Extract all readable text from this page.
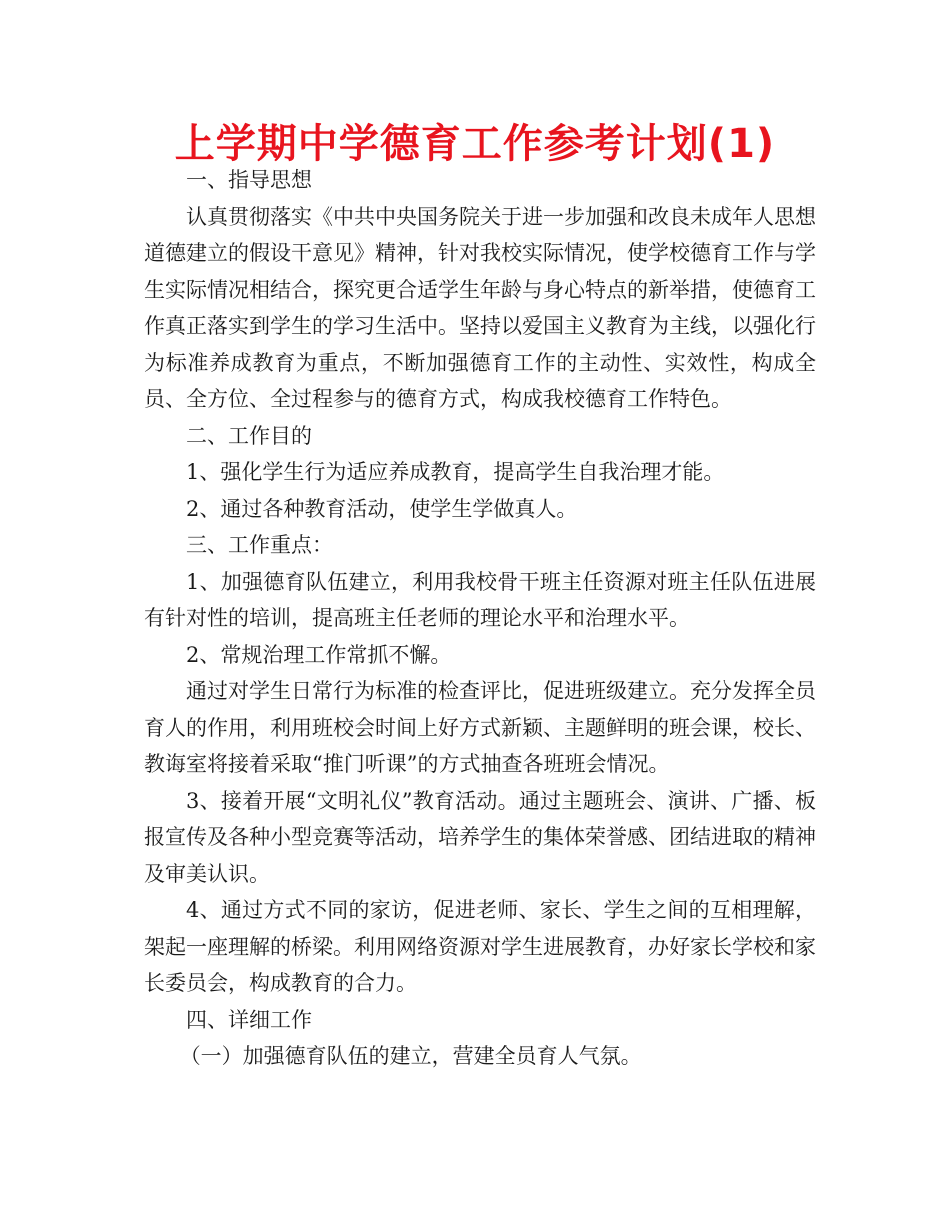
上学期中学德育工作参考计划(1)

一、指导思想

认真贯彻落实《中共中央国务院关于进一步加强和改良未成年人思想道德建立的假设干意见》精神，针对我校实际情况，使学校德育工作与学生实际情况相结合，探究更合适学生年龄与身心特点的新举措，使德育工作真正落实到学生的学习生活中。坚持以爱国主义教育为主线，以强化行为标准养成教育为重点，不断加强德育工作的主动性、实效性，构成全员、全方位、全过程参与的德育方式，构成我校德育工作特色。

二、工作目的

1、强化学生行为适应养成教育，提高学生自我治理才能。

2、通过各种教育活动，使学生学做真人。

三、工作重点：

1、加强德育队伍建立，利用我校骨干班主任资源对班主任队伍进展有针对性的培训，提高班主任老师的理论水平和治理水平。

2、常规治理工作常抓不懈。

通过对学生日常行为标准的检查评比，促进班级建立。充分发挥全员育人的作用，利用班校会时间上好方式新颖、主题鲜明的班会课，校长、教诲室将接着采取“推门听课”的方式抽查各班班会情况。

3、接着开展“文明礼仪”教育活动。通过主题班会、演讲、广播、板报宣传及各种小型竞赛等活动，培养学生的集体荣誉感、团结进取的精神及审美认识。

4、通过方式不同的家访，促进老师、家长、学生之间的互相理解，架起一座理解的桥梁。利用网络资源对学生进展教育，办好家长学校和家长委员会，构成教育的合力。

四、详细工作

（一）加强德育队伍的建立，营建全员育人气氛。
